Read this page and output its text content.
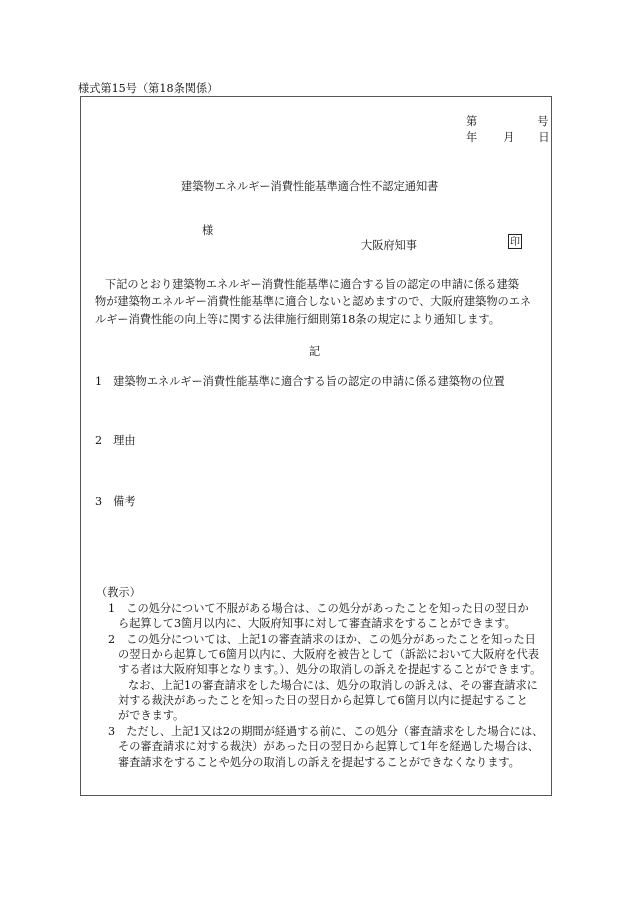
様式第15号（第18条関係）
第	号
年 月 日
建築物エネルギー消費性能基準適合性不認定通知書
様
大阪府知事	印
下記のとおり建築物エネルギー消費性能基準に適合する旨の認定の申請に係る建築
物が建築物エネルギー消費性能基準に適合しないと認めますので、大阪府建築物のエネ
ルギー消費性能の向上等に関する法律施行細則第18条の規定により通知します。
記
1 建築物エネルギー消費性能基準に適合する旨の認定の申請に係る建築物の位置
2 理由
3 備考
（教示）
1　この処分について不服がある場合は、この処分があったことを知った日の翌日か
ら起算して3箇月以内に、大阪府知事に対して審査請求をすることができます。
2　この処分については、上記1の審査請求のほか、この処分があったことを知った日
の翌日から起算して6箇月以内に、大阪府を被告として（訴訟において大阪府を代表
する者は大阪府知事となります。）、処分の取消しの訴えを提起することができます。
なお、上記1の審査請求をした場合には、処分の取消しの訴えは、その審査請求に
対する裁決があったことを知った日の翌日から起算して6箇月以内に提起すること
ができます。
3　ただし、上記1又は2の期間が経過する前に、この処分（審査請求をした場合には、
その審査請求に対する裁決）があった日の翌日から起算して1年を経過した場合は、
審査請求をすることや処分の取消しの訴えを提起することができなくなります。
